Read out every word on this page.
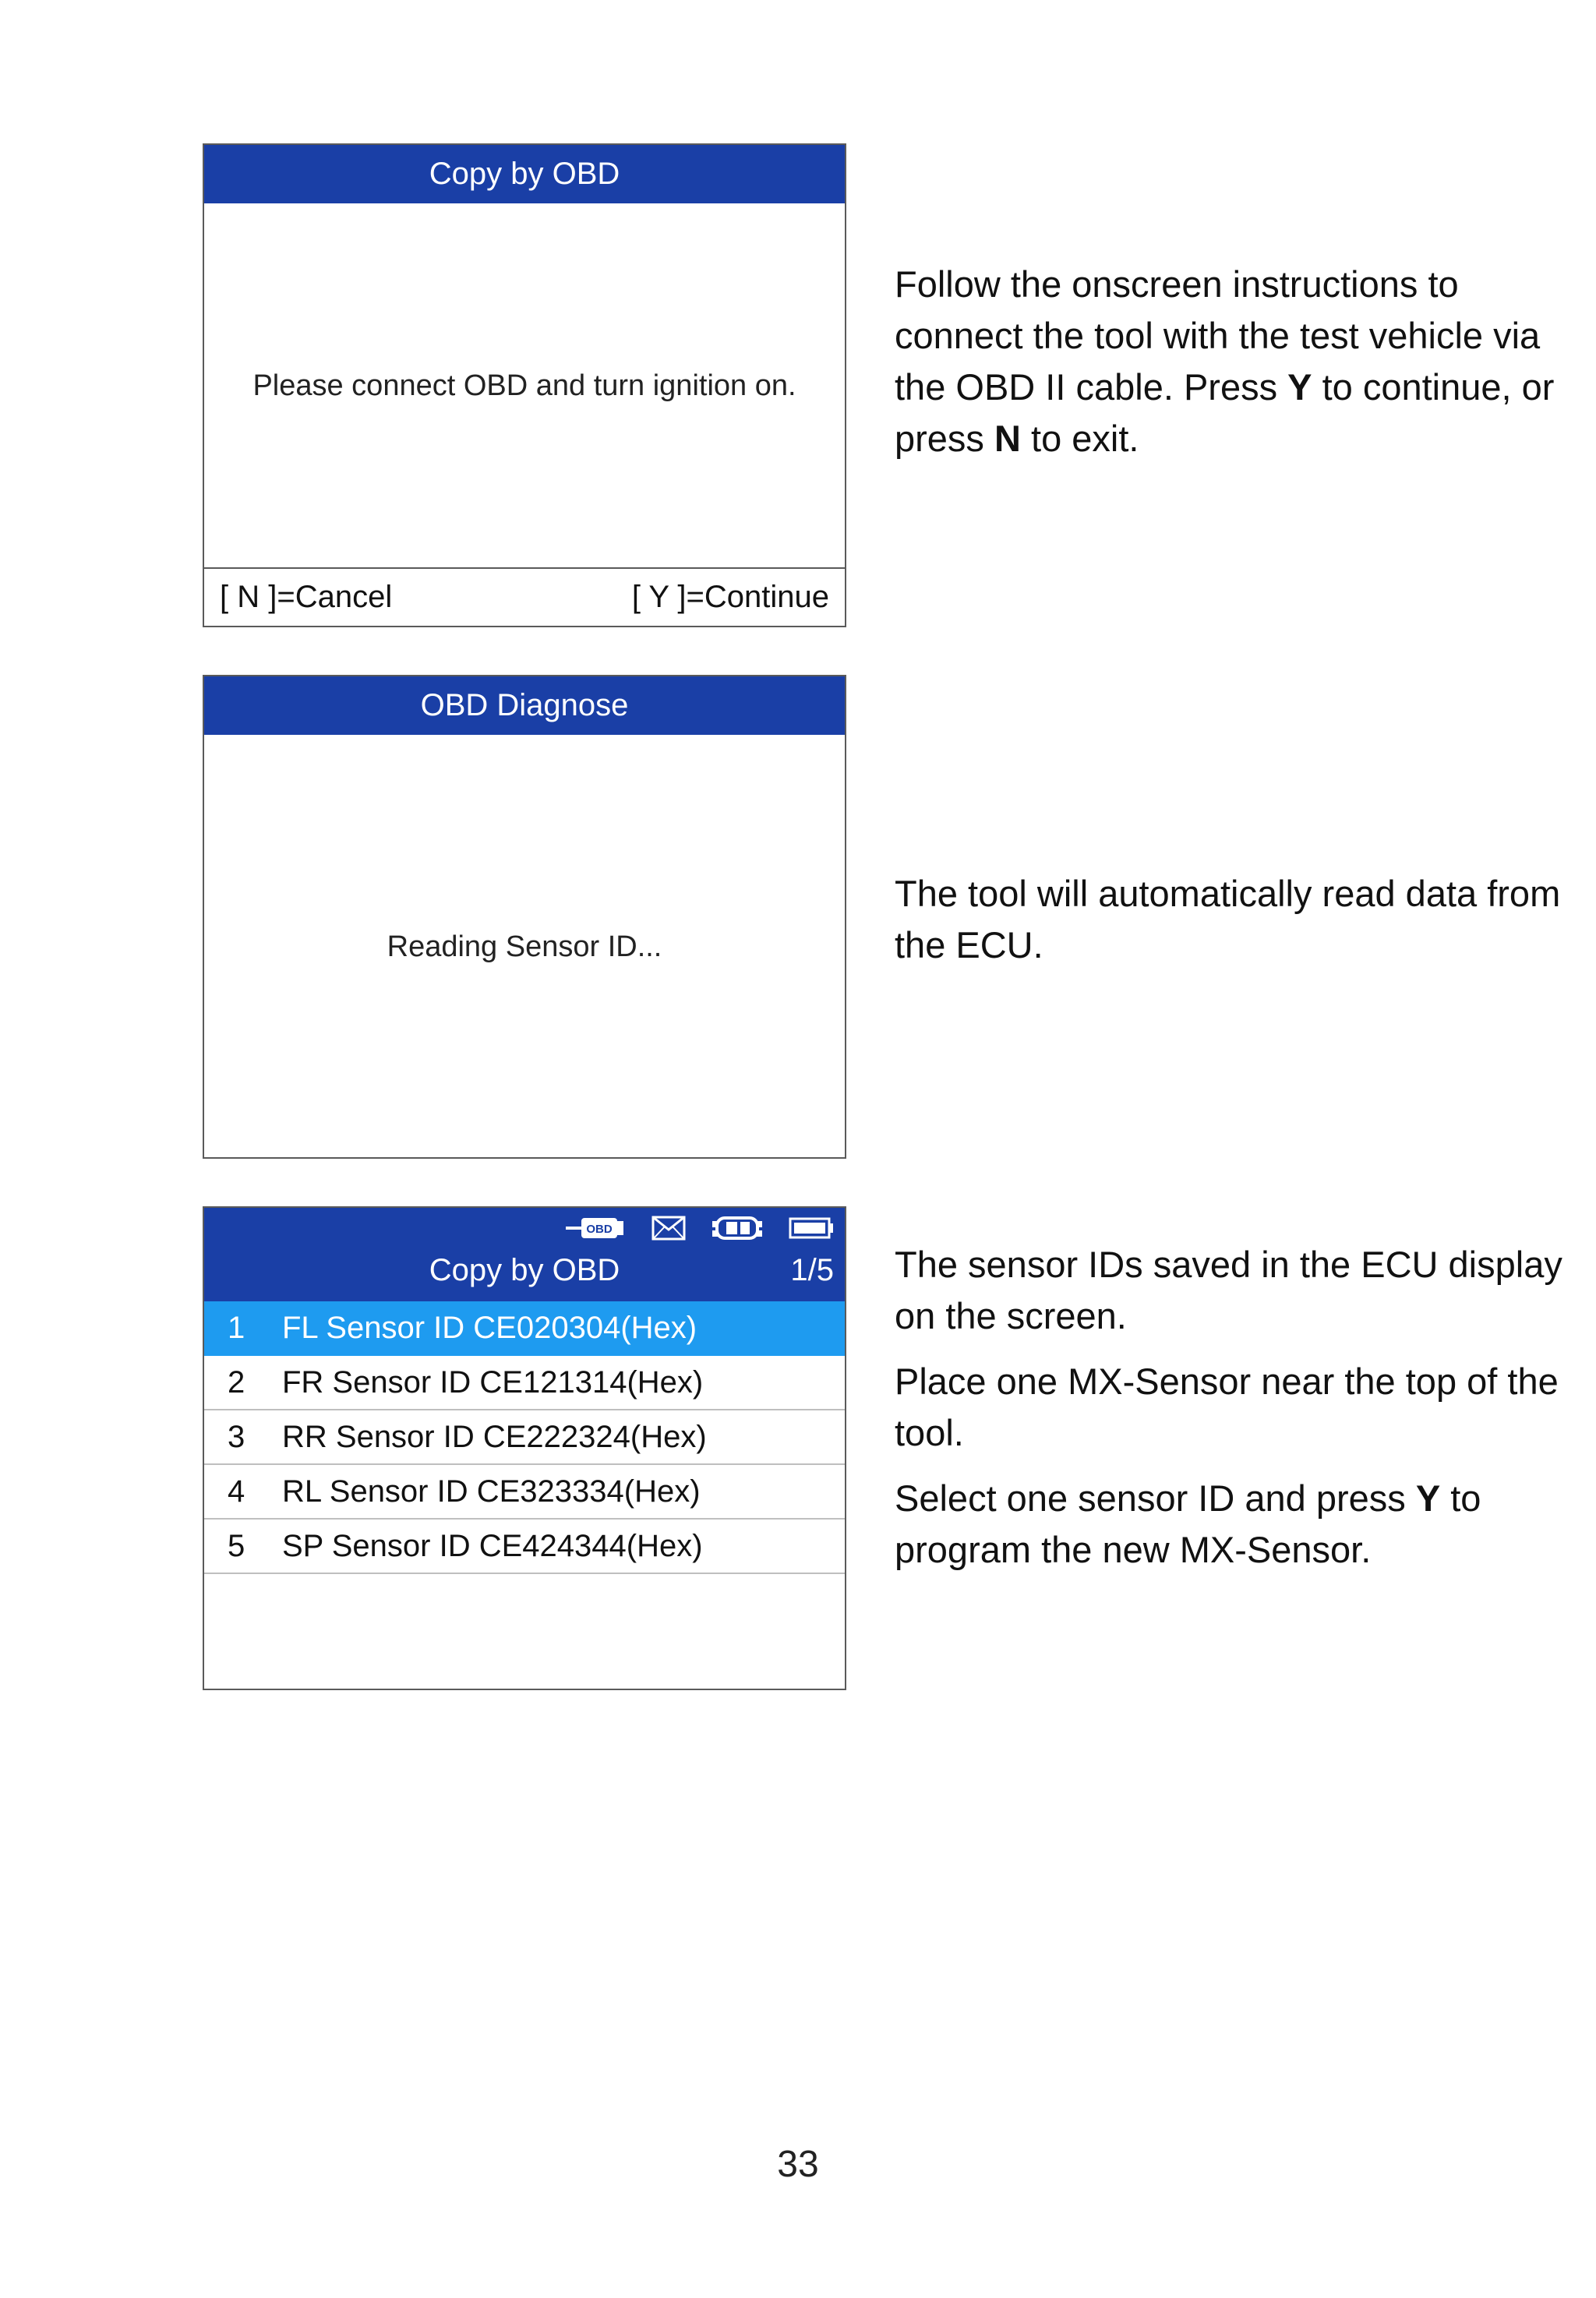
Copy by OBD
Please connect OBD and turn ignition on.
[ N ]=Cancel	[ Y ]=Continue
OBD Diagnose
Reading Sensor ID...
OBD
Copy by OBD	1/5
1	FL Sensor ID CE020304(Hex)
2	FR Sensor ID CE121314(Hex)
3	RR Sensor ID CE222324(Hex)
4	RL Sensor ID CE323334(Hex)
5	SP Sensor ID CE424344(Hex)

Follow the onscreen instructions to connect the tool with the test vehicle via the OBD II cable. Press Y to continue, or press N to exit.

The tool will automatically read data from the ECU.

The sensor IDs saved in the ECU display on the screen.

Place one MX-Sensor near the top of the tool.

Select one sensor ID and press Y to program the new MX-Sensor.

33
